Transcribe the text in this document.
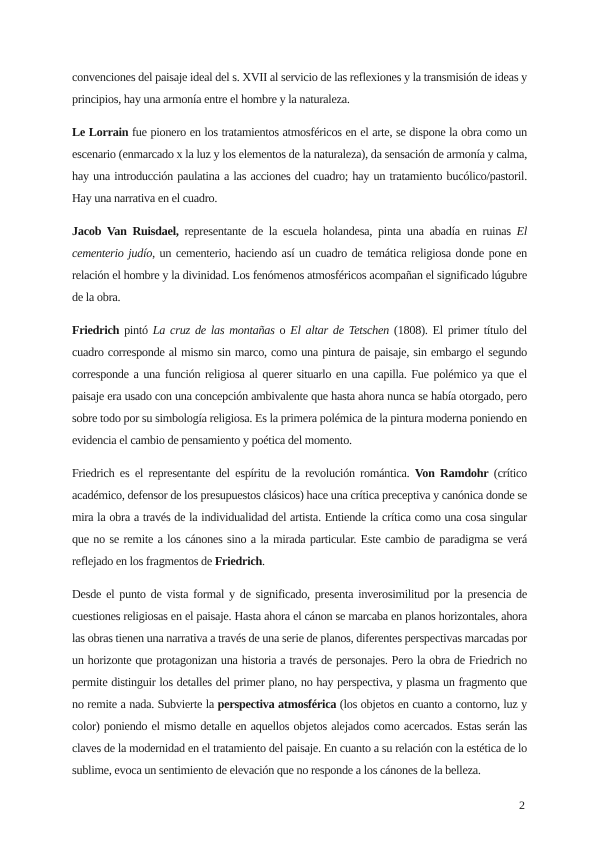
convenciones del paisaje ideal del s. XVII al servicio de las reflexiones y la transmisión de ideas y principios, hay una armonía entre el hombre y la naturaleza.

Le Lorrain fue pionero en los tratamientos atmosféricos en el arte, se dispone la obra como un escenario (enmarcado x la luz y los elementos de la naturaleza), da sensación de armonía y calma, hay una introducción paulatina a las acciones del cuadro; hay un tratamiento bucólico/pastoril. Hay una narrativa en el cuadro.

Jacob Van Ruisdael, representante de la escuela holandesa, pinta una abadía en ruinas El cementerio judío, un cementerio, haciendo así un cuadro de temática religiosa donde pone en relación el hombre y la divinidad. Los fenómenos atmosféricos acompañan el significado lúgubre de la obra.

Friedrich pintó La cruz de las montañas o El altar de Tetschen (1808). El primer título del cuadro corresponde al mismo sin marco, como una pintura de paisaje, sin embargo el segundo corresponde a una función religiosa al querer situarlo en una capilla. Fue polémico ya que el paisaje era usado con una concepción ambivalente que hasta ahora nunca se había otorgado, pero sobre todo por su simbología religiosa. Es la primera polémica de la pintura moderna poniendo en evidencia el cambio de pensamiento y poética del momento.

Friedrich es el representante del espíritu de la revolución romántica. Von Ramdohr (crítico académico, defensor de los presupuestos clásicos) hace una crítica preceptiva y canónica donde se mira la obra a través de la individualidad del artista. Entiende la crítica como una cosa singular que no se remite a los cánones sino a la mirada particular. Este cambio de paradigma se verá reflejado en los fragmentos de Friedrich.

Desde el punto de vista formal y de significado, presenta inverosimilitud por la presencia de cuestiones religiosas en el paisaje. Hasta ahora el cánon se marcaba en planos horizontales, ahora las obras tienen una narrativa a través de una serie de planos, diferentes perspectivas marcadas por un horizonte que protagonizan una historia a través de personajes. Pero la obra de Friedrich no permite distinguir los detalles del primer plano, no hay perspectiva, y plasma un fragmento que no remite a nada. Subvierte la perspectiva atmosférica (los objetos en cuanto a contorno, luz y color) poniendo el mismo detalle en aquellos objetos alejados como acercados. Estas serán las claves de la modernidad en el tratamiento del paisaje. En cuanto a su relación con la estética de lo sublime, evoca un sentimiento de elevación que no responde a los cánones de la belleza.

2
